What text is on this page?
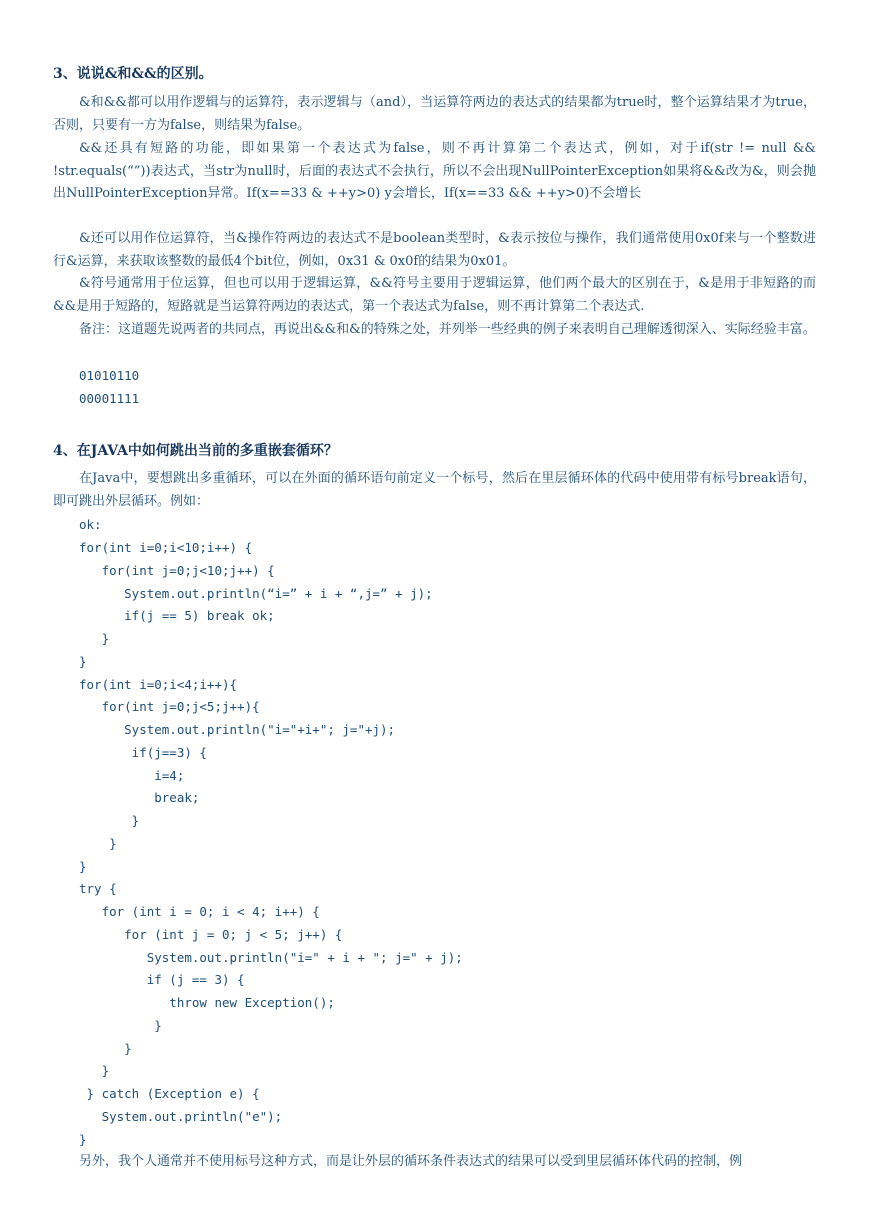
3、说说&和&&的区别。

&和&&都可以用作逻辑与的运算符，表示逻辑与（and），当运算符两边的表达式的结果都为true时，整个运算结果才为true，否则，只要有一方为false，则结果为false。

&&还具有短路的功能，即如果第一个表达式为false，则不再计算第二个表达式，例如，对于if(str != null && !str.equals(“”))表达式，当str为null时，后面的表达式不会执行，所以不会出现NullPointerException如果将&&改为&，则会抛出NullPointerException异常。If(x==33 & ++y>0) y会增长，If(x==33 && ++y>0)不会增长

&还可以用作位运算符，当&操作符两边的表达式不是boolean类型时，&表示按位与操作，我们通常使用0x0f来与一个整数进行&运算，来获取该整数的最低4个bit位，例如，0x31 & 0x0f的结果为0x01。

&符号通常用于位运算，但也可以用于逻辑运算，&&符号主要用于逻辑运算，他们两个最大的区别在于，&是用于非短路的而&&是用于短路的，短路就是当运算符两边的表达式，第一个表达式为false，则不再计算第二个表达式.

备注：这道题先说两者的共同点，再说出&&和&的特殊之处，并列举一些经典的例子来表明自己理解透彻深入、实际经验丰富。

01010110
00001111
4、在JAVA中如何跳出当前的多重嵌套循环？

在Java中，要想跳出多重循环，可以在外面的循环语句前定义一个标号，然后在里层循环体的代码中使用带有标号break语句，即可跳出外层循环。例如：

ok:
for(int i=0;i<10;i++) {
for(int j=0;j<10;j++) {
System.out.println(“i=” + i + “,j=” + j);
if(j == 5) break ok;
}
}
for(int i=0;i<4;i++){
for(int j=0;j<5;j++){
System.out.println("i="+i+"; j="+j);
if(j==3) {
i=4;
break;
}
}
}
try {
for (int i = 0; i < 4; i++) {
for (int j = 0; j < 5; j++) {
System.out.println("i=" + i + "; j=" + j);
if (j == 3) {
throw new Exception();
}
}
}
} catch (Exception e) {
System.out.println("e");
}

另外，我个人通常并不使用标号这种方式，而是让外层的循环条件表达式的结果可以受到里层循环体代码的控制，例
